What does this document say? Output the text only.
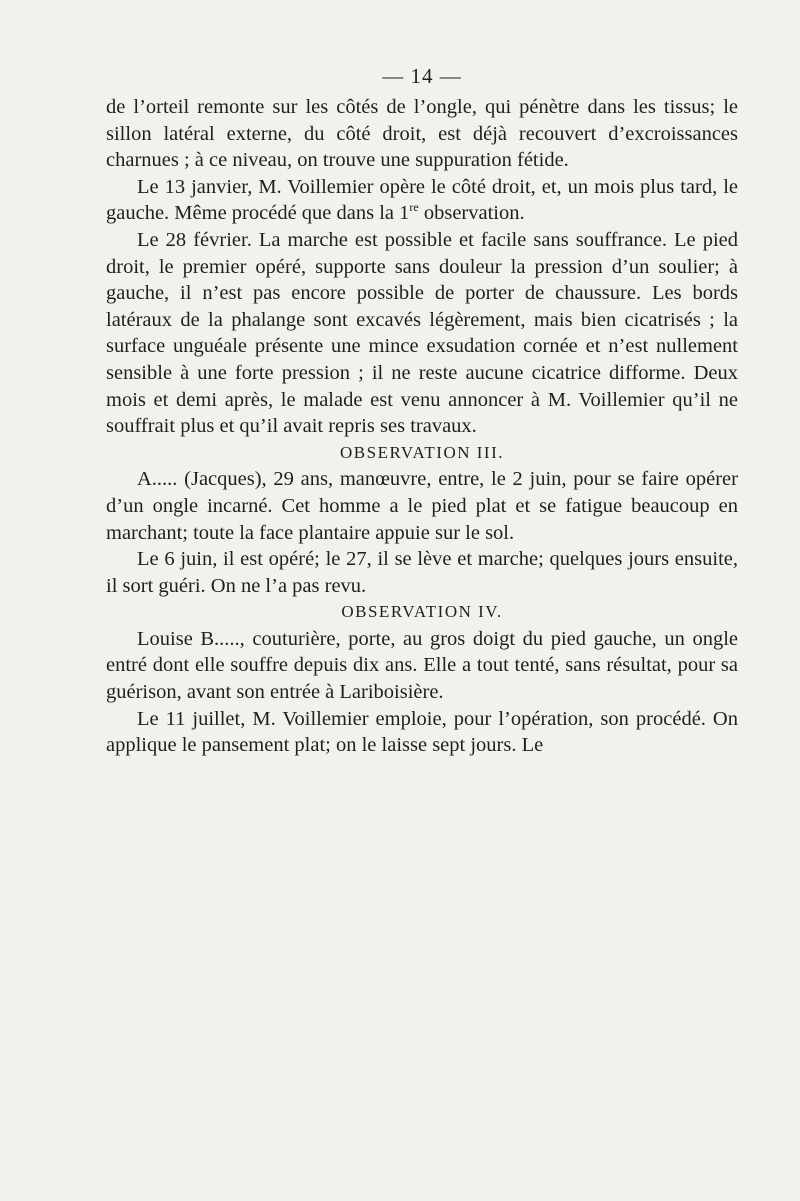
— 14 —

de l’orteil remonte sur les côtés de l’ongle, qui pénètre dans les tissus; le sillon latéral externe, du côté droit, est déjà recouvert d’excroissances charnues ; à ce niveau, on trouve une suppuration fétide.

Le 13 janvier, M. Voillemier opère le côté droit, et, un mois plus tard, le gauche. Même procédé que dans la 1re observation.

Le 28 février. La marche est possible et facile sans souffrance. Le pied droit, le premier opéré, supporte sans douleur la pression d’un soulier; à gauche, il n’est pas encore possible de porter de chaussure. Les bords latéraux de la phalange sont excavés légèrement, mais bien cicatrisés ; la surface unguéale présente une mince exsudation cornée et n’est nullement sensible à une forte pression ; il ne reste aucune cicatrice difforme. Deux mois et demi après, le malade est venu annoncer à M. Voillemier qu’il ne souffrait plus et qu’il avait repris ses travaux.

OBSERVATION III.

A..... (Jacques), 29 ans, manœuvre, entre, le 2 juin, pour se faire opérer d’un ongle incarné. Cet homme a le pied plat et se fatigue beaucoup en marchant; toute la face plantaire appuie sur le sol.

Le 6 juin, il est opéré; le 27, il se lève et marche; quelques jours ensuite, il sort guéri. On ne l’a pas revu.

OBSERVATION IV.

Louise B....., couturière, porte, au gros doigt du pied gauche, un ongle entré dont elle souffre depuis dix ans. Elle a tout tenté, sans résultat, pour sa guérison, avant son entrée à Lariboisière.

Le 11 juillet, M. Voillemier emploie, pour l’opération, son procédé. On applique le pansement plat; on le laisse sept jours. Le
